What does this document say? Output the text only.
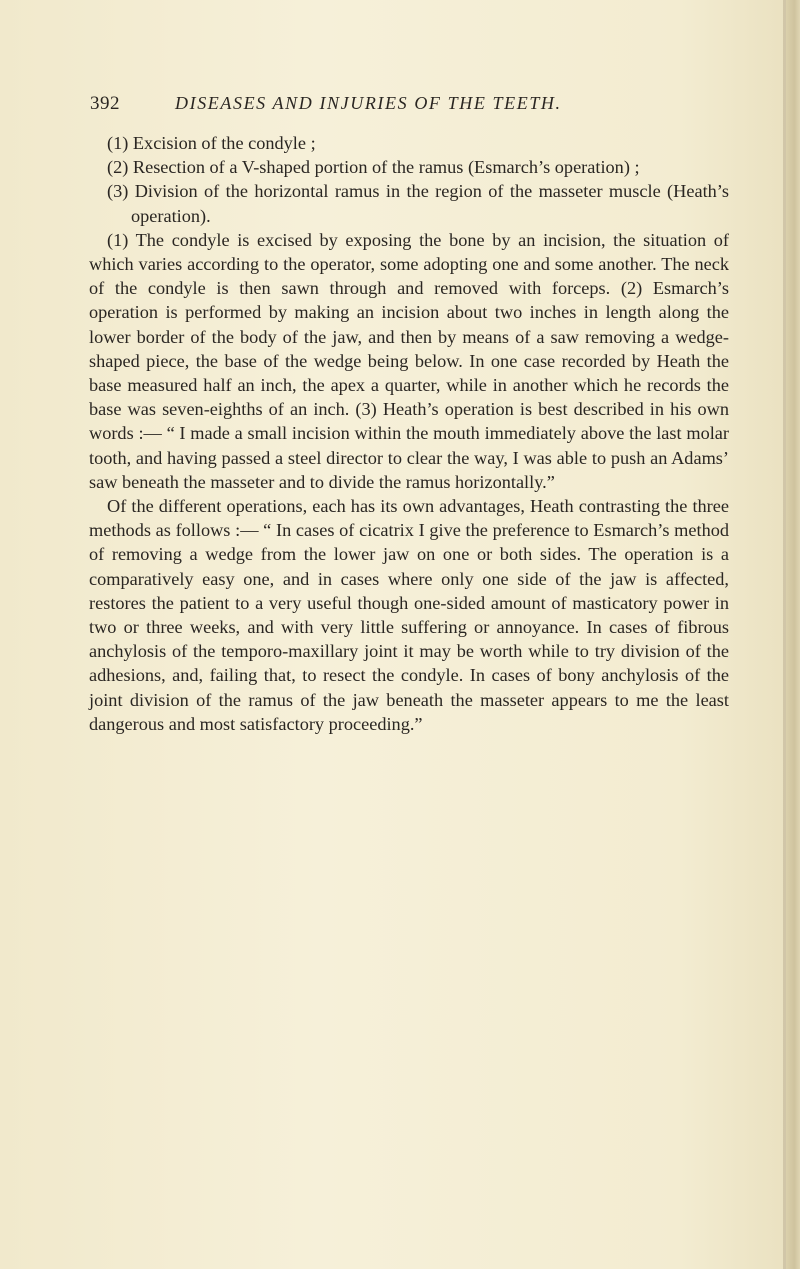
392	DISEASES AND INJURIES OF THE TEETH.

(1) Excision of the condyle ;

(2) Resection of a V-shaped portion of the ramus (Esmarch’s operation) ;

(3) Division of the horizontal ramus in the region of the masseter muscle (Heath’s operation).

(1) The condyle is excised by exposing the bone by an incision, the situation of which varies according to the operator, some adopting one and some another. The neck of the condyle is then sawn through and removed with forceps. (2) Esmarch’s operation is performed by making an incision about two inches in length along the lower border of the body of the jaw, and then by means of a saw removing a wedge-shaped piece, the base of the wedge being below. In one case recorded by Heath the base measured half an inch, the apex a quarter, while in another which he records the base was seven-eighths of an inch. (3) Heath’s operation is best described in his own words :— “ I made a small incision within the mouth immediately above the last molar tooth, and having passed a steel director to clear the way, I was able to push an Adams’ saw beneath the masseter and to divide the ramus horizontally.”

Of the different operations, each has its own advantages, Heath contrasting the three methods as follows :— “ In cases of cicatrix I give the preference to Esmarch’s method of removing a wedge from the lower jaw on one or both sides. The operation is a comparatively easy one, and in cases where only one side of the jaw is affected, restores the patient to a very useful though one-sided amount of masticatory power in two or three weeks, and with very little suffering or annoyance. In cases of fibrous anchylosis of the temporo-maxillary joint it may be worth while to try division of the adhesions, and, failing that, to resect the condyle. In cases of bony anchylosis of the joint division of the ramus of the jaw beneath the masseter appears to me the least dangerous and most satisfactory proceeding.”
